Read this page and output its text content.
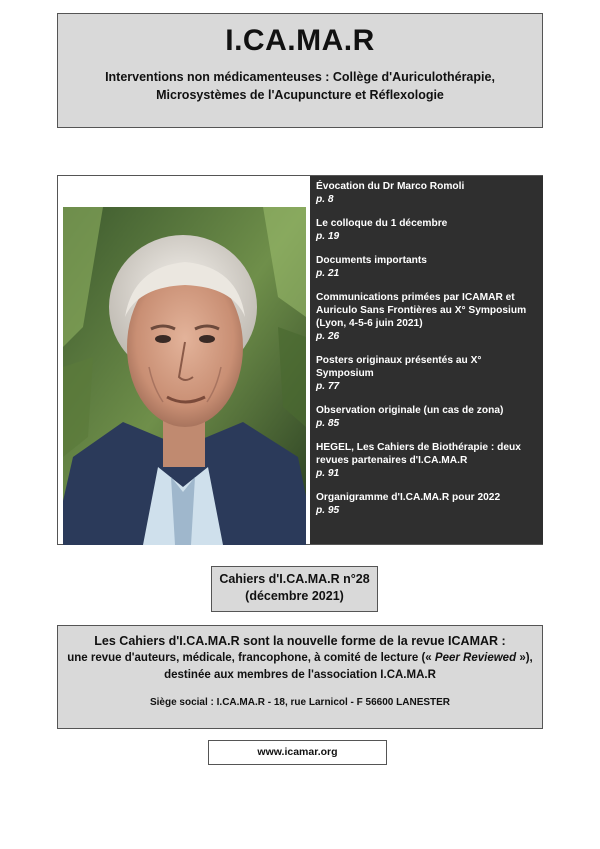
I.CA.MA.R
Interventions non médicamenteuses : Collège d'Auriculothérapie,
Microsystèmes de l'Acupuncture et Réflexologie
Évocation du Dr Marco Romoli
p. 8
Le colloque du 1 décembre
p. 19
Documents importants
p. 21
Communications primées par ICAMAR et Auriculo Sans Frontières au X° Symposium (Lyon, 4-5-6 juin 2021)
p. 26
Posters originaux présentés au X° Symposium
p. 77
Observation originale (un cas de zona)
p. 85
HEGEL, Les Cahiers de Biothérapie : deux revues partenaires d'I.CA.MA.R
p. 91
Organigramme d'I.CA.MA.R pour 2022
p. 95
Cahiers d'I.CA.MA.R n°28
(décembre 2021)
Les Cahiers d'I.CA.MA.R sont la nouvelle forme de la revue ICAMAR :
une revue d'auteurs, médicale, francophone, à comité de lecture (« Peer Reviewed »),
destinée aux membres de l'association I.CA.MA.R
Siège social : I.CA.MA.R - 18, rue Larnicol - F 56600 LANESTER
www.icamar.org
